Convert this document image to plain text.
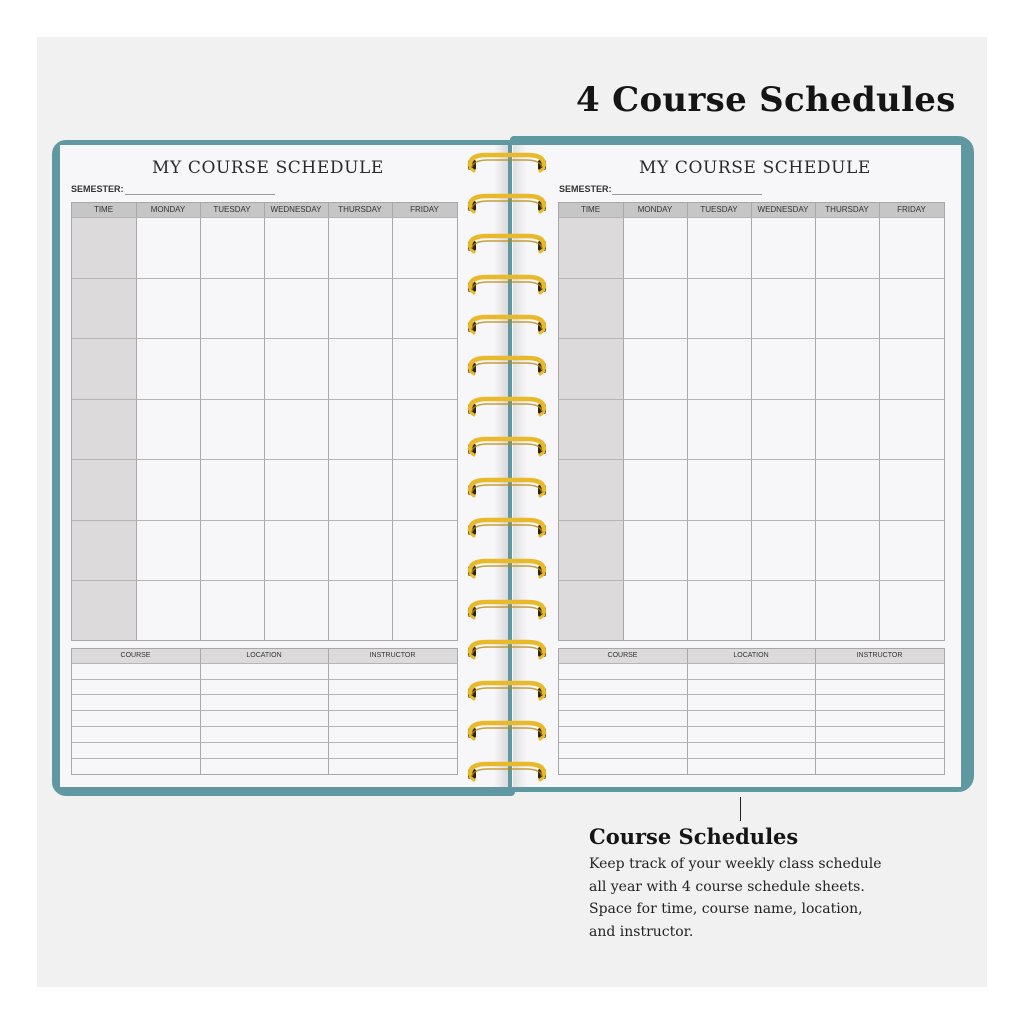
4 Course Schedules
MY COURSE SCHEDULE
SEMESTER:
TIME	MONDAY	TUESDAY	WEDNESDAY	THURSDAY	FRIDAY
COURSE	LOCATION	INSTRUCTOR
MY COURSE SCHEDULE
SEMESTER:
TIME	MONDAY	TUESDAY	WEDNESDAY	THURSDAY	FRIDAY
COURSE	LOCATION	INSTRUCTOR
Course Schedules
Keep track of your weekly class schedule
all year with 4 course schedule sheets.
Space for time, course name, location,
and instructor.
